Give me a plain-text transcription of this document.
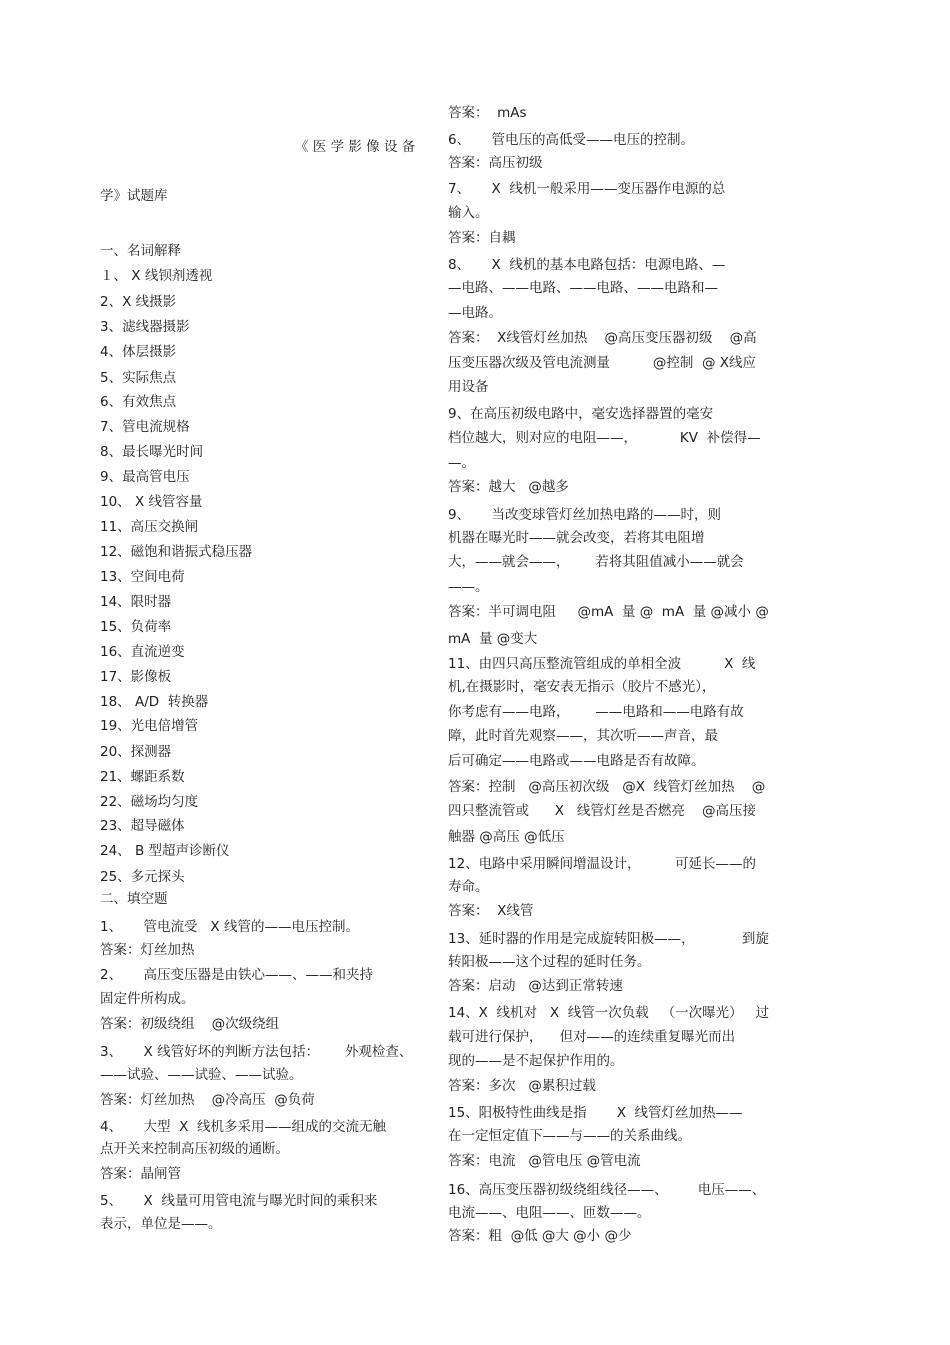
《 医 学 影 像 设 备
学》试题库
一、名词解释
１、 X 线钡剂透视
2、X 线摄影
3、滤线器摄影
4、体层摄影
5、实际焦点
6、有效焦点
7、管电流规格
8、最长曝光时间
9、最高管电压
10、 X 线管容量
11、高压交换闸
12、磁饱和谐振式稳压器
13、空间电荷
14、限时器
15、负荷率
16、直流逆变
17、影像板
18、 A/D  转换器
19、光电倍增管
20、探测器
21、螺距系数
22、磁场均匀度
23、超导磁体
24、 B 型超声诊断仪
25、多元探头
二、填空题
1、     管电流受   X 线管的——电压控制。
答案：灯丝加热
2、     高压变压器是由铁心——、——和夹持
固定件所构成。
答案：初级绕组    @次级绕组
3、     X 线管好坏的判断方法包括：      外观检查、
——试验、——试验、——试验。
答案：灯丝加热    @冷高压  @负荷
4、     大型  X  线机多采用——组成的交流无触
点开关来控制高压初级的通断。
答案：晶闸管
5、     X  线量可用管电流与曝光时间的乘积来
表示，单位是——。
答案：  mAs
6、     管电压的高低受——电压的控制。
答案：高压初级
7、     X  线机一般采用——变压器作电源的总
输入。
答案：自耦
8、     X  线机的基本电路包括：电源电路、—
—电路、——电路、——电路、——电路和—
—电路。
答案：  X线管灯丝加热    @高压变压器初级    @高
压变压器次级及管电流测量          @控制  @ X线应
用设备
9、在高压初级电路中，毫安选择器置的毫安
档位越大，则对应的电阻——，          KV  补偿得—
—。
答案：越大   @越多
9、     当改变球管灯丝加热电路的——时，则
机器在曝光时——就会改变，若将其电阻增
大，——就会——，      若将其阻值减小——就会
——。
答案：半可调电阻     @mA  量 @  mA  量 @减小 @
mA  量 @变大
11、由四只高压整流管组成的单相全波          X  线
机,在摄影时，毫安表无指示（胶片不感光），
你考虑有——电路，      ——电路和——电路有故
障，此时首先观察——，其次听——声音，最
后可确定——电路或——电路是否有故障。
答案：控制   @高压初次级   @X  线管灯丝加热    @
四只整流管或      X   线管灯丝是否燃亮    @高压接
触器 @高压 @低压
12、电路中采用瞬间增温设计，        可延长——的
寿命。
答案：  X线管
13、延时器的作用是完成旋转阳极——，           到旋
转阳极——这个过程的延时任务。
答案：启动   @达到正常转速
14、X  线机对   X  线管一次负载   （一次曝光）   过
载可进行保护，    但对——的连续重复曝光而出
现的——是不起保护作用的。
答案：多次   @累积过载
15、阳极特性曲线是指       X  线管灯丝加热——
在一定恒定值下——与——的关系曲线。
答案：电流   @管电压 @管电流
16、高压变压器初级绕组线径——、       电压——、
电流——、电阻——、匝数——。
答案：粗  @低 @大 @小 @少
